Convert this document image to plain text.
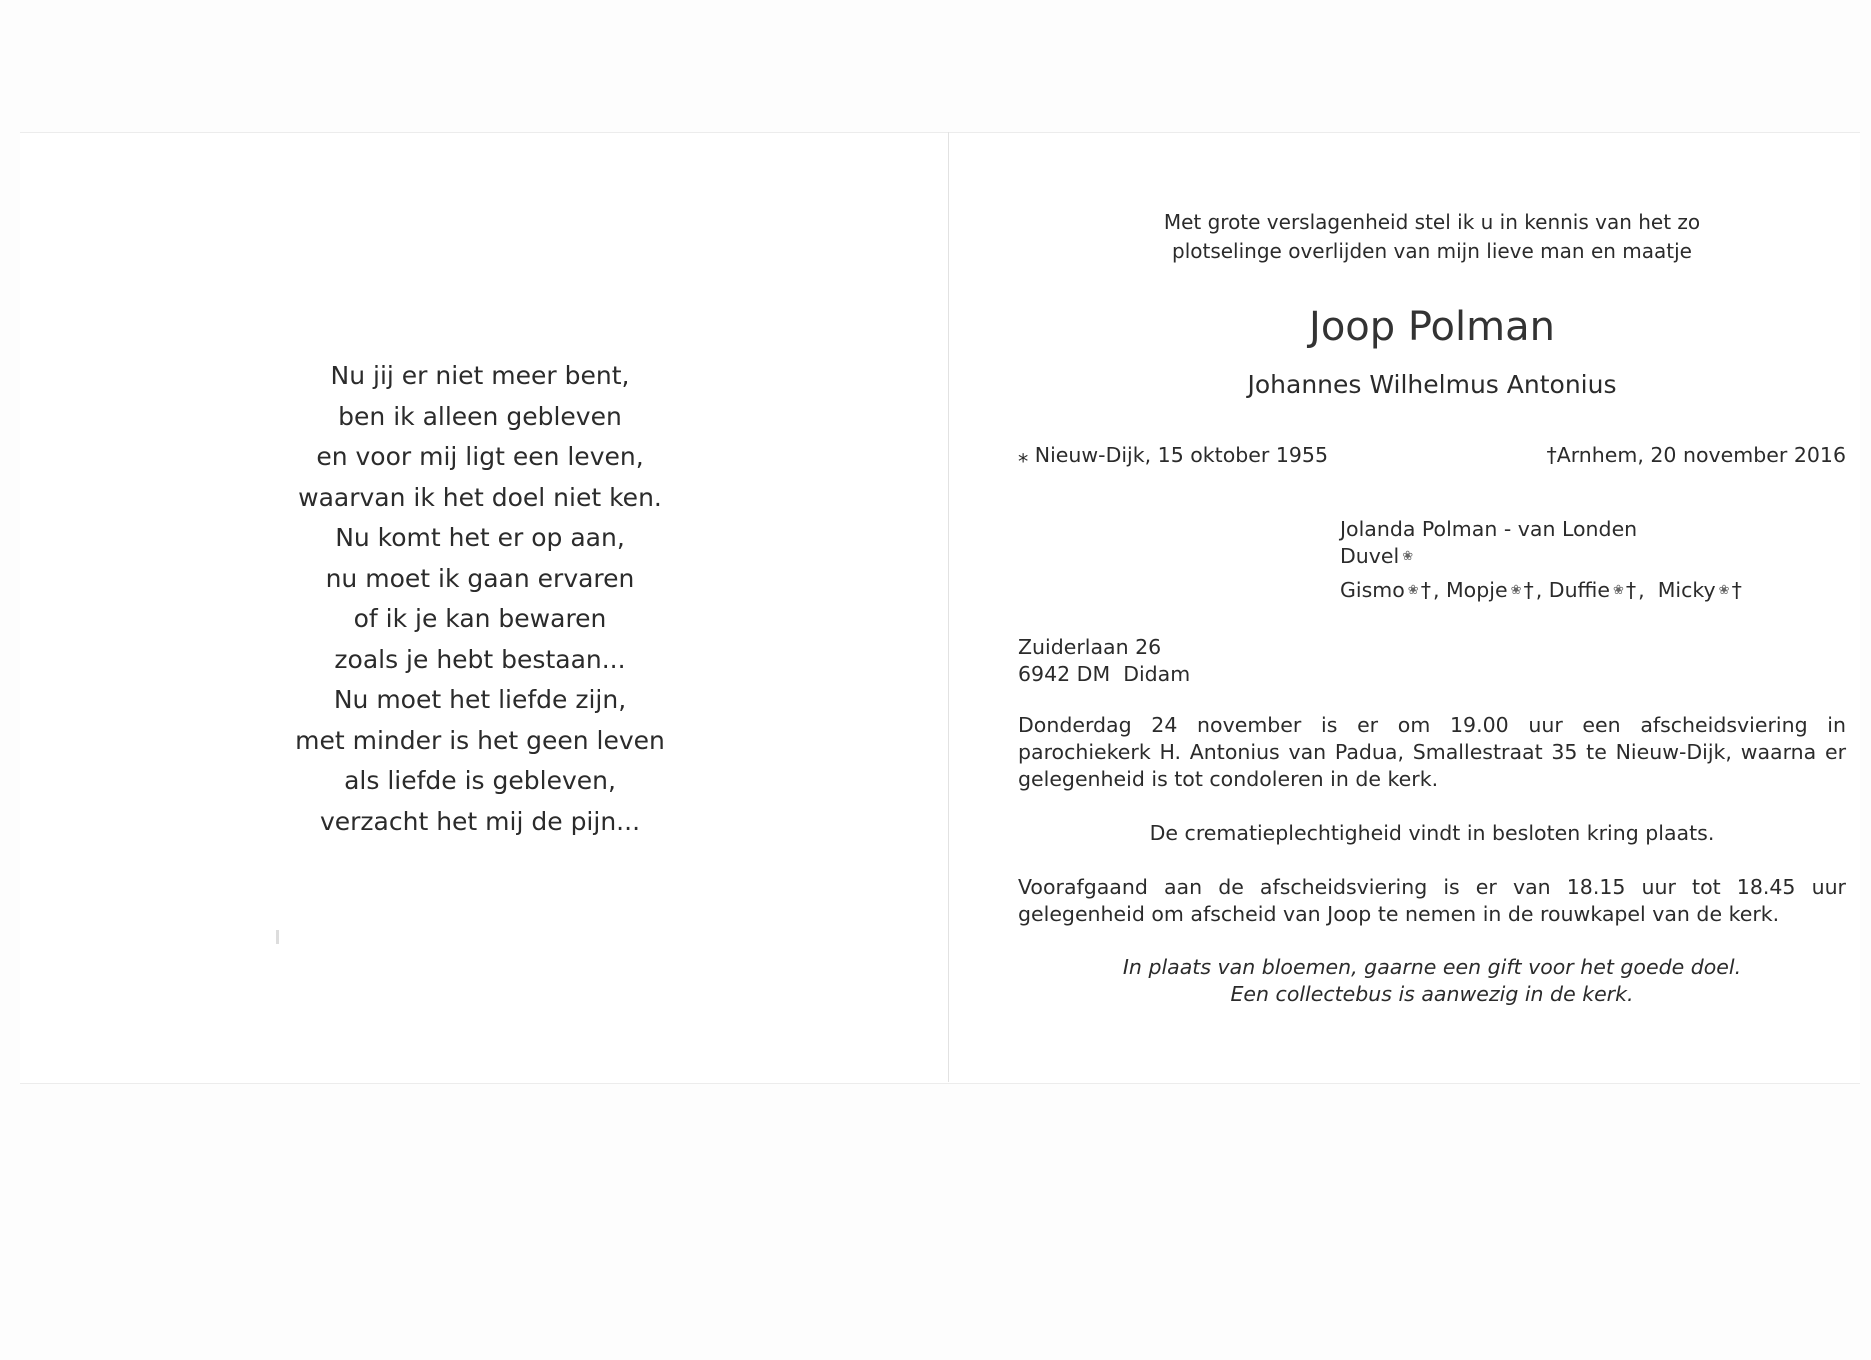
Nu jij er niet meer bent,
ben ik alleen gebleven
en voor mij ligt een leven,
waarvan ik het doel niet ken.
Nu komt het er op aan,
nu moet ik gaan ervaren
of ik je kan bewaren
zoals je hebt bestaan...
Nu moet het liefde zijn,
met minder is het geen leven
als liefde is gebleven,
verzacht het mij de pijn...
Met grote verslagenheid stel ik u in kennis van het zo
plotselinge overlijden van mijn lieve man en maatje
Joop Polman
Johannes Wilhelmus Antonius
⁎ Nieuw-Dijk, 15 oktober 1955	†Arnhem, 20 november 2016
Jolanda Polman - van Londen
Duvel ❀
Gismo ❀†, Mopje ❀†, Duffie ❀†, Micky ❀†
Zuiderlaan 26
6942 DM  Didam
Donderdag 24 november is er om 19.00 uur een afscheidsviering in parochiekerk H. Antonius van Padua, Smallestraat 35 te Nieuw-Dijk, waarna er gelegenheid is tot condoleren in de kerk.
De crematieplechtigheid vindt in besloten kring plaats.
Voorafgaand aan de afscheidsviering is er van 18.15 uur tot 18.45 uur gelegenheid om afscheid van Joop te nemen in de rouwkapel van de kerk.
In plaats van bloemen, gaarne een gift voor het goede doel.
Een collectebus is aanwezig in de kerk.
